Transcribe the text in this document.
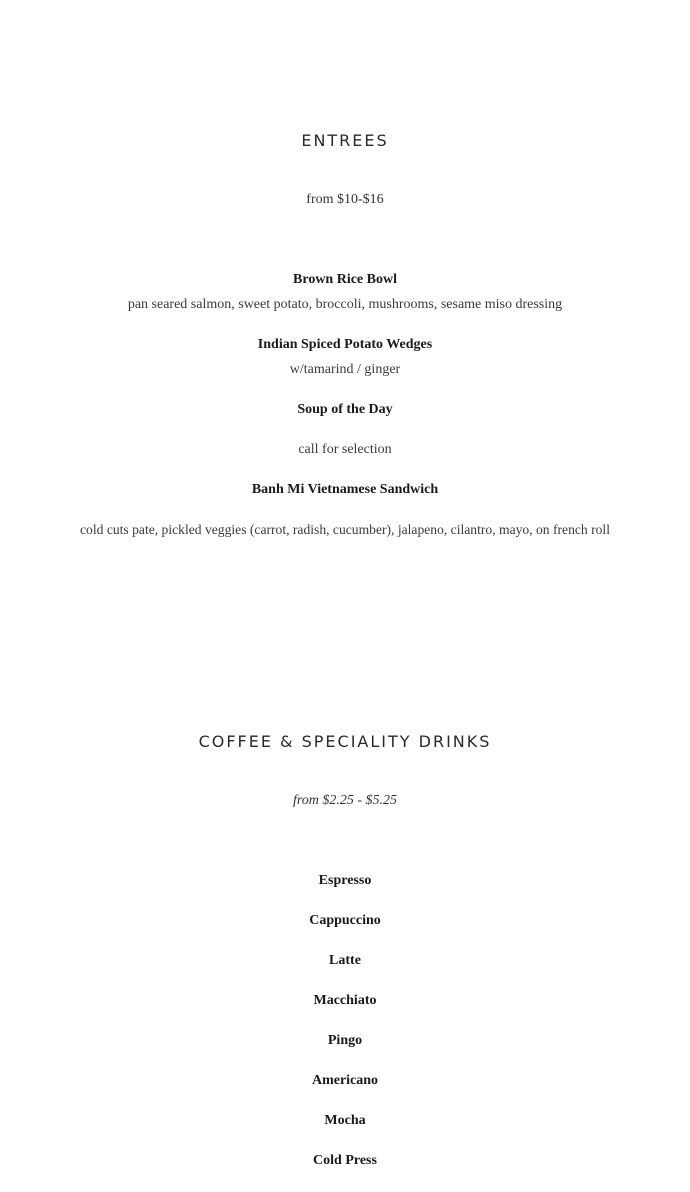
ENTREES

from $10-$16

Brown Rice Bowl

pan seared salmon, sweet potato, broccoli, mushrooms, sesame miso dressing

Indian Spiced Potato Wedges

w/tamarind / ginger

Soup of the Day

call for selection

Banh Mi Vietnamese Sandwich

cold cuts pate, pickled veggies (carrot, radish, cucumber), jalapeno, cilantro, mayo, on french roll

COFFEE & SPECIALITY DRINKS

from $2.25 - $5.25

Espresso

Cappuccino

Latte

Macchiato

Pingo

Americano

Mocha

Cold Press
